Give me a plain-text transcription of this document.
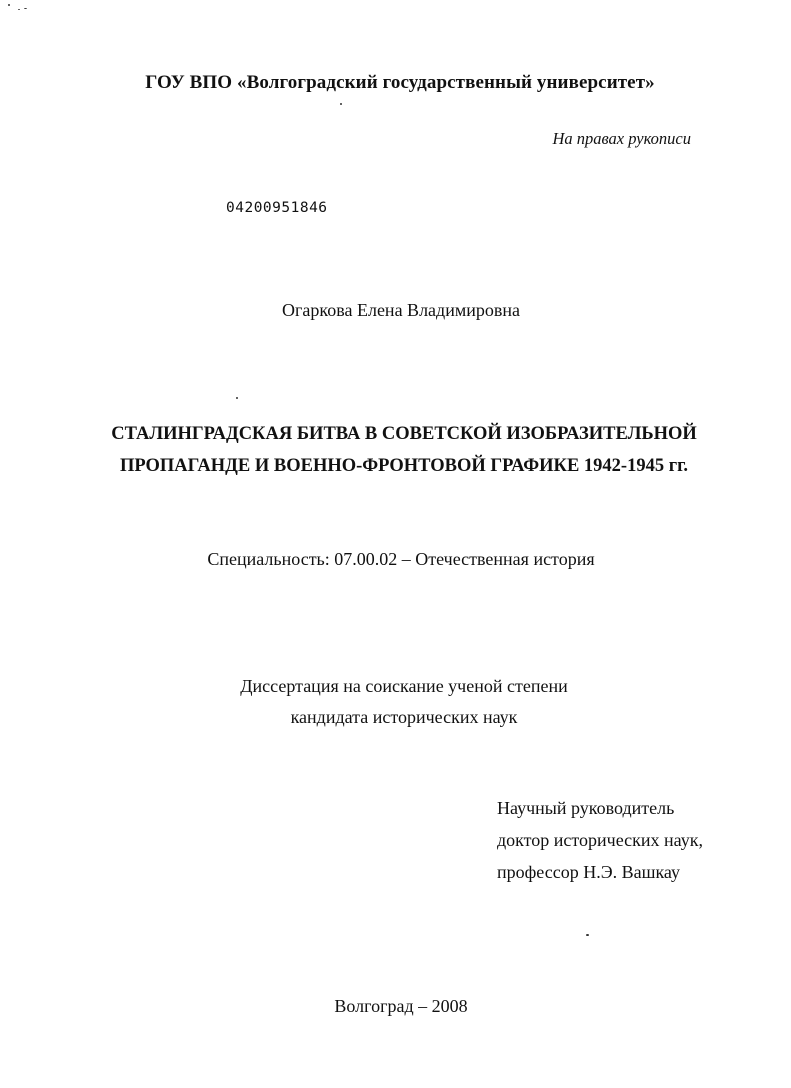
ГОУ ВПО «Волгоградский государственный университет»
На правах рукописи
04200951846
Огаркова Елена Владимировна
СТАЛИНГРАДСКАЯ БИТВА В СОВЕТСКОЙ ИЗОБРАЗИТЕЛЬНОЙ
ПРОПАГАНДЕ И ВОЕННО-ФРОНТОВОЙ ГРАФИКЕ 1942-1945 гг.
Специальность: 07.00.02 – Отечественная история
Диссертация на соискание ученой степени
кандидата исторических наук
Научный руководитель
доктор исторических наук,
профессор Н.Э. Вашкау
Волгоград – 2008
